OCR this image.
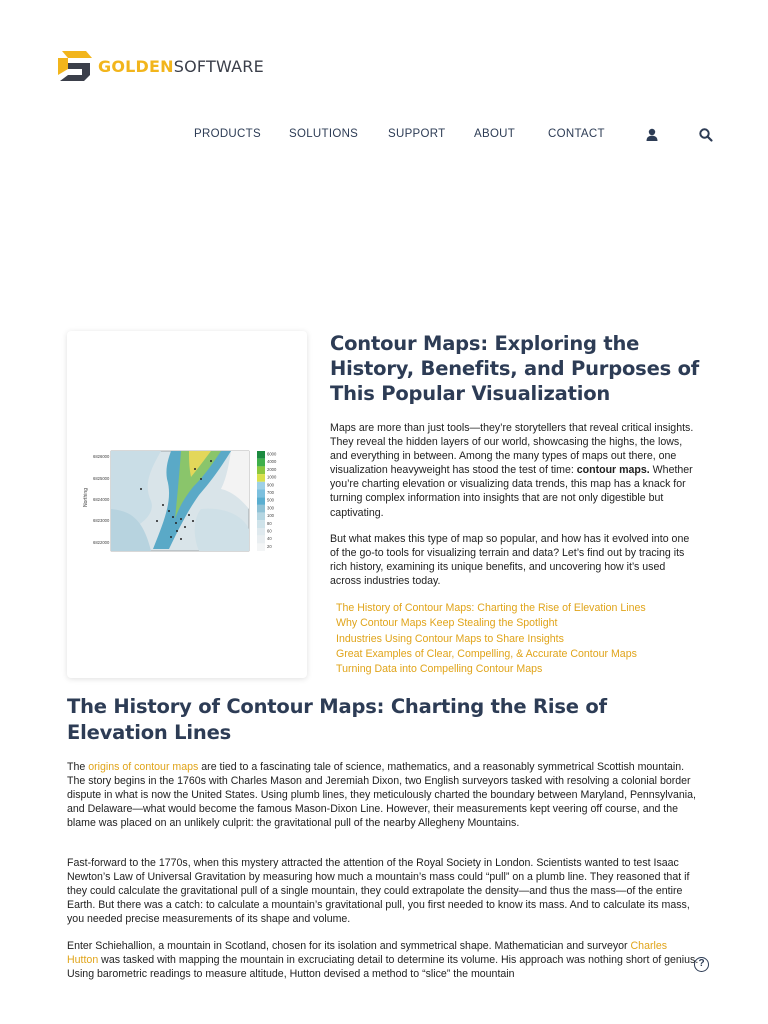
GOLDEN SOFTWARE
PRODUCTS SOLUTIONS	SUPPORT ABOUT	CONTACT
Northing
6826000
6825000
6824000
6823000
6822000
6000
4000
2000
1000
900
700
500
300
100
80
60
40
20
Contour Maps: Exploring the History, Benefits, and Purposes of This Popular Visualization

Maps are more than just tools—they’re storytellers that reveal critical insights. They reveal the hidden layers of our world, showcasing the highs, the lows, and everything in between. Among the many types of maps out there, one visualization heavyweight has stood the test of time: contour maps. Whether you’re charting elevation or visualizing data trends, this map has a knack for turning complex information into insights that are not only digestible but captivating.

But what makes this type of map so popular, and how has it evolved into one of the go-to tools for visualizing terrain and data? Let’s find out by tracing its rich history, examining its unique benefits, and uncovering how it’s used across industries today.

The History of Contour Maps: Charting the Rise of Elevation Lines
Why Contour Maps Keep Stealing the Spotlight
Industries Using Contour Maps to Share Insights
Great Examples of Clear, Compelling, & Accurate Contour Maps
Turning Data into Compelling Contour Maps
The History of Contour Maps: Charting the Rise of Elevation Lines

The origins of contour maps are tied to a fascinating tale of science, mathematics, and a reasonably symmetrical Scottish mountain. The story begins in the 1760s with Charles Mason and Jeremiah Dixon, two English surveyors tasked with resolving a colonial border dispute in what is now the United States. Using plumb lines, they meticulously charted the boundary between Maryland, Pennsylvania, and Delaware—what would become the famous Mason-Dixon Line. However, their measurements kept veering off course, and the blame was placed on an unlikely culprit: the gravitational pull of the nearby Allegheny Mountains.

Fast-forward to the 1770s, when this mystery attracted the attention of the Royal Society in London. Scientists wanted to test Isaac Newton’s Law of Universal Gravitation by measuring how much a mountain’s mass could “pull” on a plumb line. They reasoned that if they could calculate the gravitational pull of a single mountain, they could extrapolate the density—and thus the mass—of the entire Earth. But there was a catch: to calculate a mountain’s gravitational pull, you first needed to know its mass. And to calculate its mass, you needed precise measurements of its shape and volume.

Enter Schiehallion, a mountain in Scotland, chosen for its isolation and symmetrical shape. Mathematician and surveyor Charles Hutton was tasked with mapping the mountain in excruciating detail to determine its volume. His approach was nothing short of genius. Using barometric readings to measure altitude, Hutton devised a method to “slice” the mountain

?
